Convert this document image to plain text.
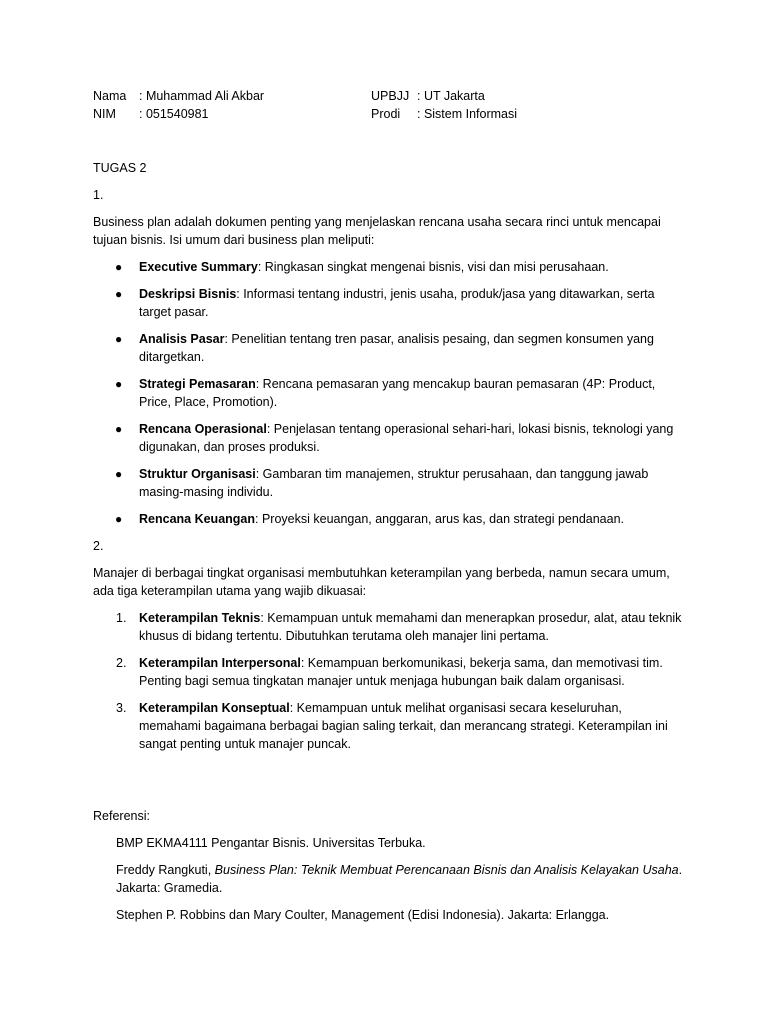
Nama : Muhammad Ali Akbar	UPBJJ : UT Jakarta
NIM : 051540981	Prodi : Sistem Informasi

TUGAS 2

1.

Business plan adalah dokumen penting yang menjelaskan rencana usaha secara rinci untuk mencapai tujuan bisnis. Isi umum dari business plan meliputi:

● Executive Summary: Ringkasan singkat mengenai bisnis, visi dan misi perusahaan.
● Deskripsi Bisnis: Informasi tentang industri, jenis usaha, produk/jasa yang ditawarkan, serta target pasar.
● Analisis Pasar: Penelitian tentang tren pasar, analisis pesaing, dan segmen konsumen yang ditargetkan.
● Strategi Pemasaran: Rencana pemasaran yang mencakup bauran pemasaran (4P: Product, Price, Place, Promotion).
● Rencana Operasional: Penjelasan tentang operasional sehari-hari, lokasi bisnis, teknologi yang digunakan, dan proses produksi.
● Struktur Organisasi: Gambaran tim manajemen, struktur perusahaan, dan tanggung jawab masing-masing individu.
● Rencana Keuangan: Proyeksi keuangan, anggaran, arus kas, dan strategi pendanaan.

2.

Manajer di berbagai tingkat organisasi membutuhkan keterampilan yang berbeda, namun secara umum, ada tiga keterampilan utama yang wajib dikuasai:

1. Keterampilan Teknis: Kemampuan untuk memahami dan menerapkan prosedur, alat, atau teknik khusus di bidang tertentu. Dibutuhkan terutama oleh manajer lini pertama.
2. Keterampilan Interpersonal: Kemampuan berkomunikasi, bekerja sama, dan memotivasi tim. Penting bagi semua tingkatan manajer untuk menjaga hubungan baik dalam organisasi.
3. Keterampilan Konseptual: Kemampuan untuk melihat organisasi secara keseluruhan, memahami bagaimana berbagai bagian saling terkait, dan merancang strategi. Keterampilan ini sangat penting untuk manajer puncak.

Referensi:

BMP EKMA4111 Pengantar Bisnis. Universitas Terbuka.

Freddy Rangkuti, Business Plan: Teknik Membuat Perencanaan Bisnis dan Analisis Kelayakan Usaha. Jakarta: Gramedia.

Stephen P. Robbins dan Mary Coulter, Management (Edisi Indonesia). Jakarta: Erlangga.
